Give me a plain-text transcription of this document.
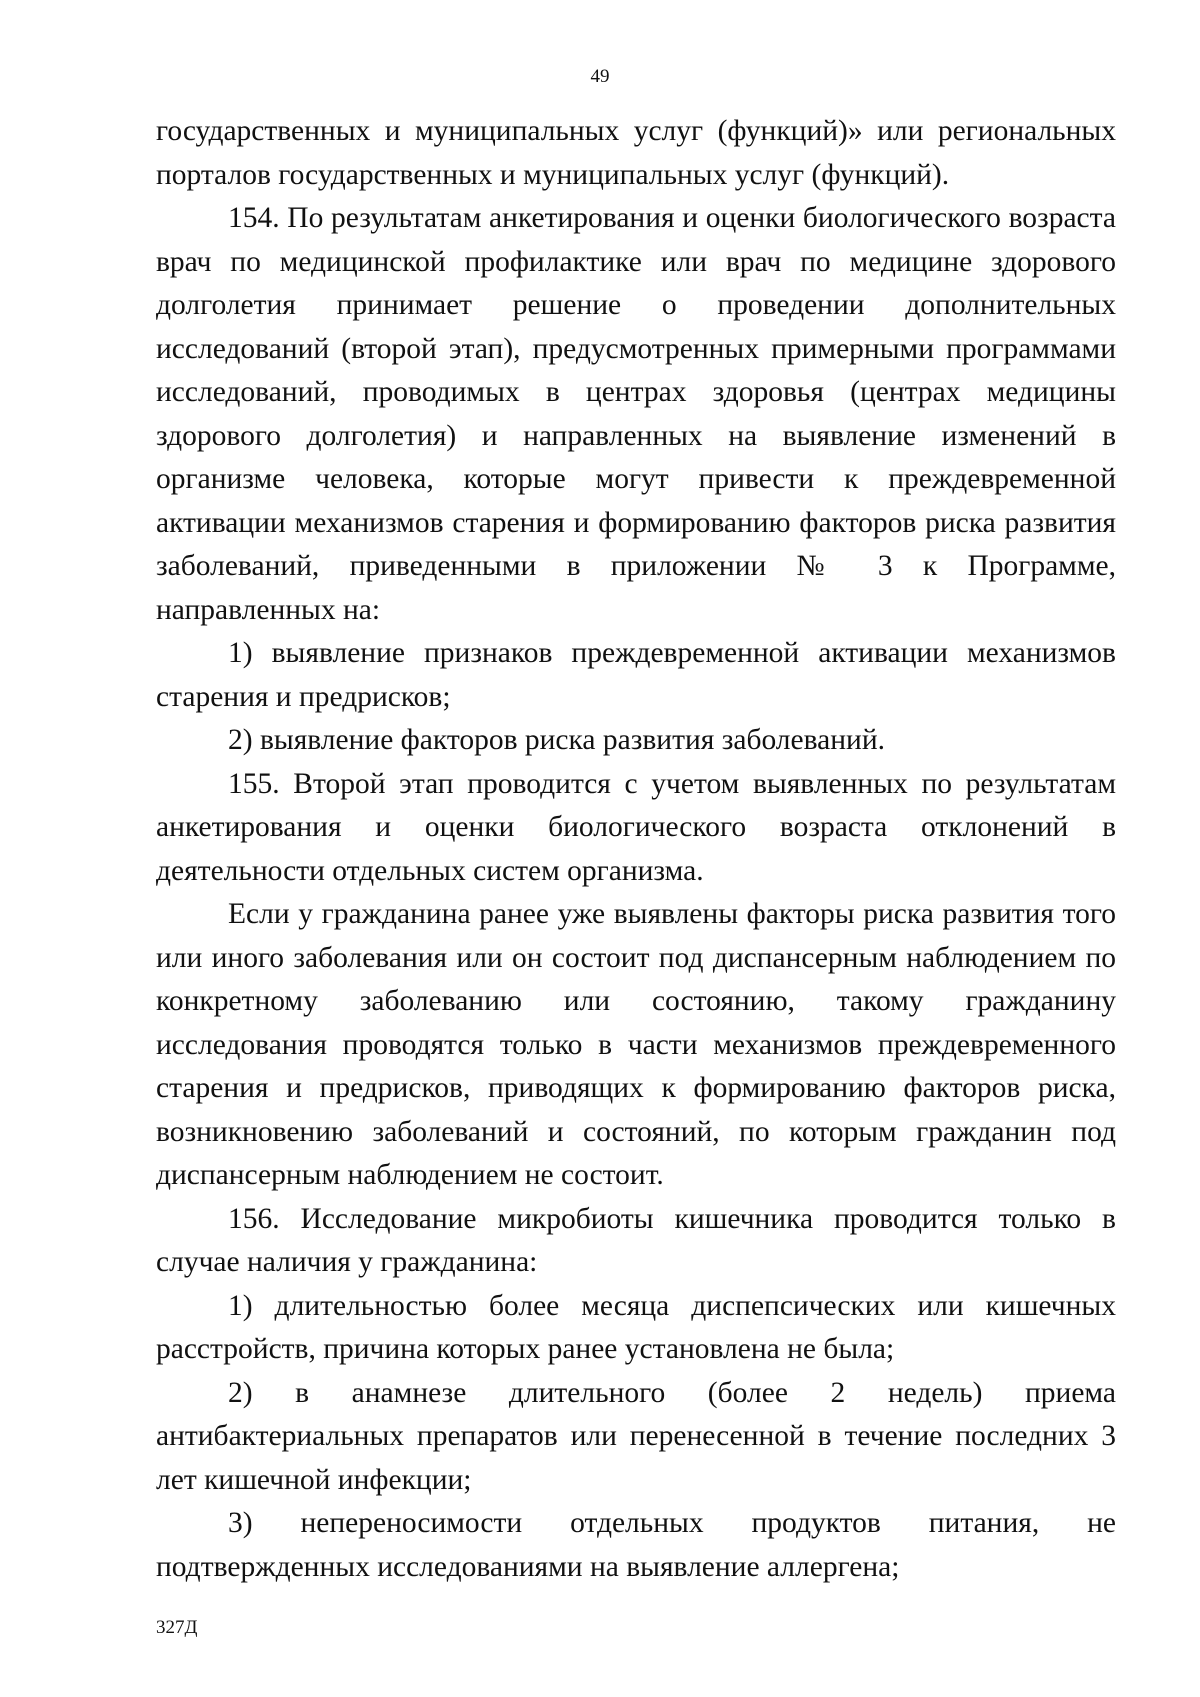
49

государственных и муниципальных услуг (функций)» или региональных порталов государственных и муниципальных услуг (функций).

154. По результатам анкетирования и оценки биологического возраста врач по медицинской профилактике или врач по медицине здорового долголетия принимает решение о проведении дополнительных исследований (второй этап), предусмотренных примерными программами исследований, проводимых в центрах здоровья (центрах медицины здорового долголетия) и направленных на выявление изменений в организме человека, которые могут привести к преждевременной активации механизмов старения и формированию факторов риска развития заболеваний, приведенными в приложении № 3 к Программе, направленных на:

1) выявление признаков преждевременной активации механизмов старения и предрисков;

2) выявление факторов риска развития заболеваний.

155. Второй этап проводится с учетом выявленных по результатам анкетирования и оценки биологического возраста отклонений в деятельности отдельных систем организма.

Если у гражданина ранее уже выявлены факторы риска развития того или иного заболевания или он состоит под диспансерным наблюдением по конкретному заболеванию или состоянию, такому гражданину исследования проводятся только в части механизмов преждевременного старения и предрисков, приводящих к формированию факторов риска, возникновению заболеваний и состояний, по которым гражданин под диспансерным наблюдением не состоит.

156. Исследование микробиоты кишечника проводится только в случае наличия у гражданина:

1) длительностью более месяца диспепсических или кишечных расстройств, причина которых ранее установлена не была;

2) в анамнезе длительного (более 2 недель) приема антибактериальных препаратов или перенесенной в течение последних 3 лет кишечной инфекции;

3) непереносимости отдельных продуктов питания, не подтвержденных исследованиями на выявление аллергена;

327Д
